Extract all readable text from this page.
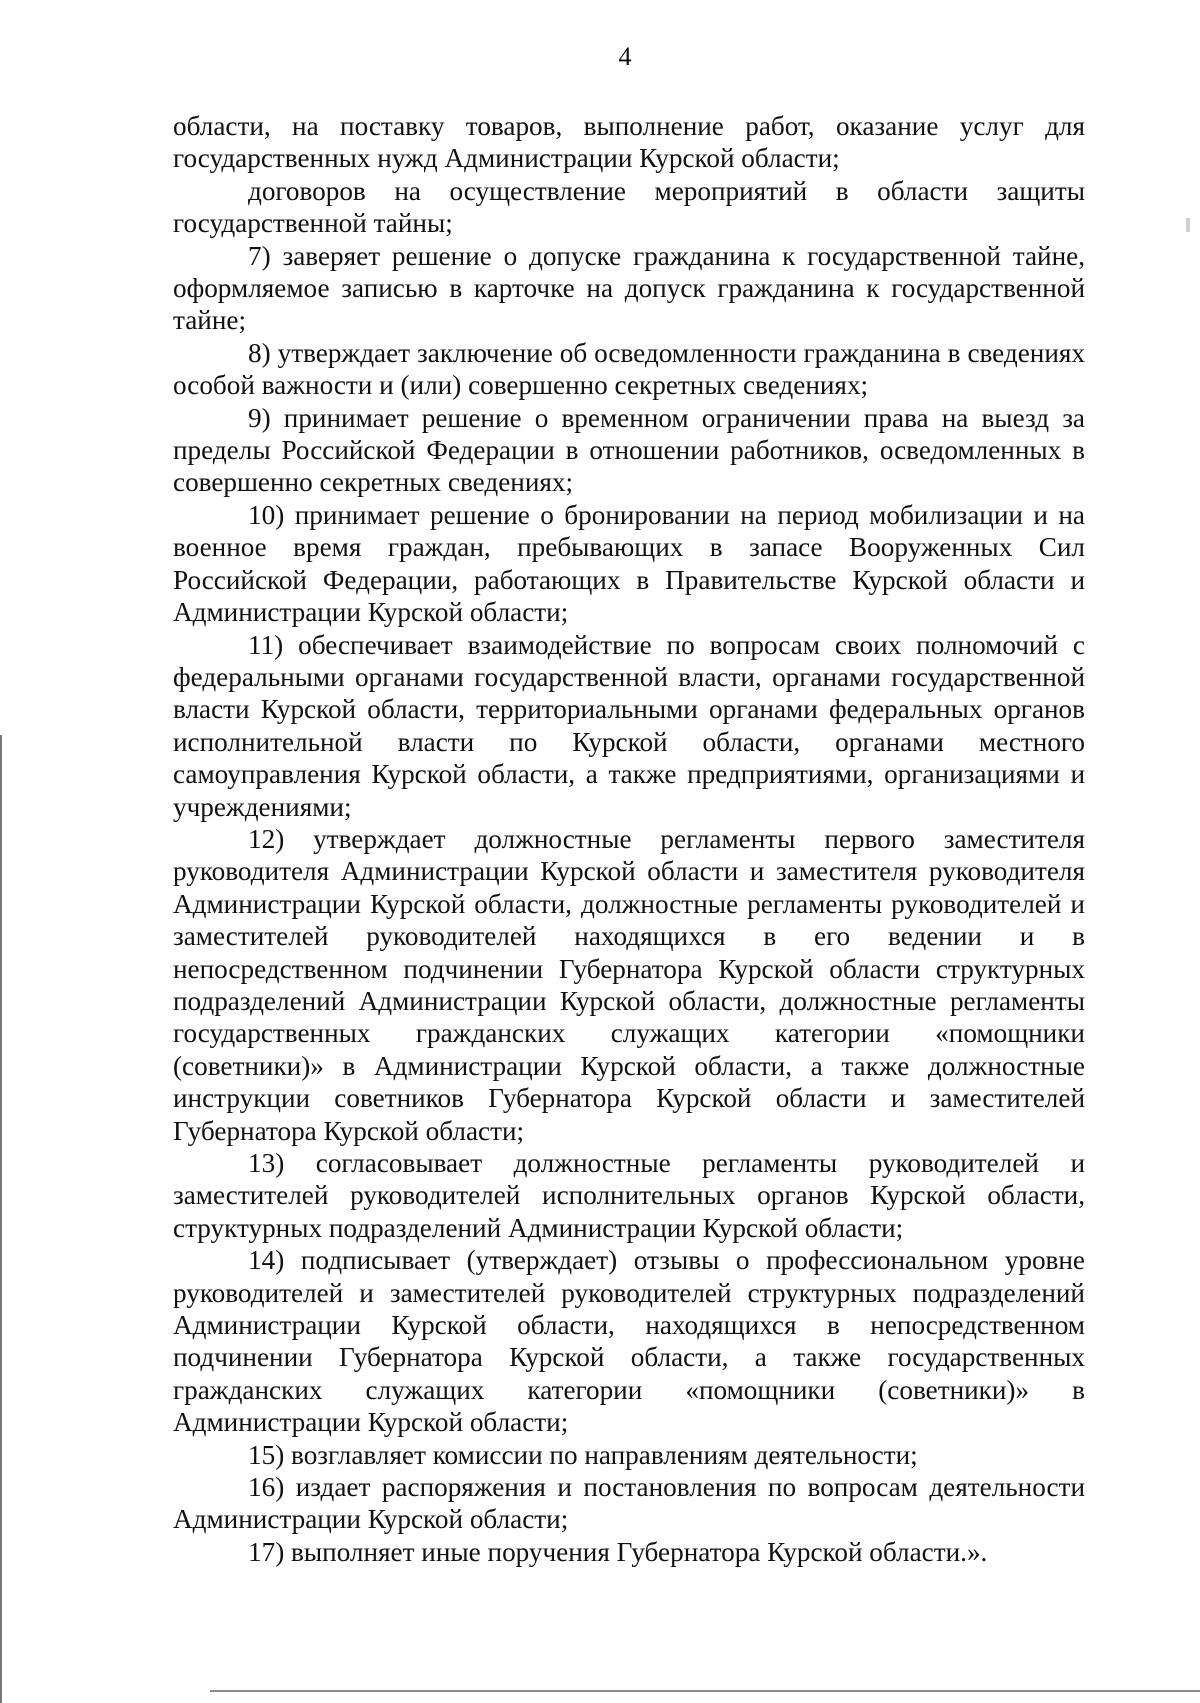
4

области, на поставку товаров, выполнение работ, оказание услуг для государственных нужд Администрации Курской области;

договоров на осуществление мероприятий в области защиты государственной тайны;

7) заверяет решение о допуске гражданина к государственной тайне, оформляемое записью в карточке на допуск гражданина к государственной тайне;

8) утверждает заключение об осведомленности гражданина в сведениях особой важности и (или) совершенно секретных сведениях;

9) принимает решение о временном ограничении права на выезд за пределы Российской Федерации в отношении работников, осведомленных в совершенно секретных сведениях;

10) принимает решение о бронировании на период мобилизации и на военное время граждан, пребывающих в запасе Вооруженных Сил Российской Федерации, работающих в Правительстве Курской области и Администрации Курской области;

11) обеспечивает взаимодействие по вопросам своих полномочий с федеральными органами государственной власти, органами государственной власти Курской области, территориальными органами федеральных органов исполнительной власти по Курской области, органами местного самоуправления Курской области, а также предприятиями, организациями и учреждениями;

12) утверждает должностные регламенты первого заместителя руководителя Администрации Курской области и заместителя руководителя Администрации Курской области, должностные регламенты руководителей и заместителей руководителей находящихся в его ведении и в непосредственном подчинении Губернатора Курской области структурных подразделений Администрации Курской области, должностные регламенты государственных гражданских служащих категории «помощники (советники)» в Администрации Курской области, а также должностные инструкции советников Губернатора Курской области и заместителей Губернатора Курской области;

13) согласовывает должностные регламенты руководителей и заместителей руководителей исполнительных органов Курской области, структурных подразделений Администрации Курской области;

14) подписывает (утверждает) отзывы о профессиональном уровне руководителей и заместителей руководителей структурных подразделений Администрации Курской области, находящихся в непосредственном подчинении Губернатора Курской области, а также государственных гражданских служащих категории «помощники (советники)» в Администрации Курской области;

15) возглавляет комиссии по направлениям деятельности;

16) издает распоряжения и постановления по вопросам деятельности Администрации Курской области;

17) выполняет иные поручения Губернатора Курской области.».
